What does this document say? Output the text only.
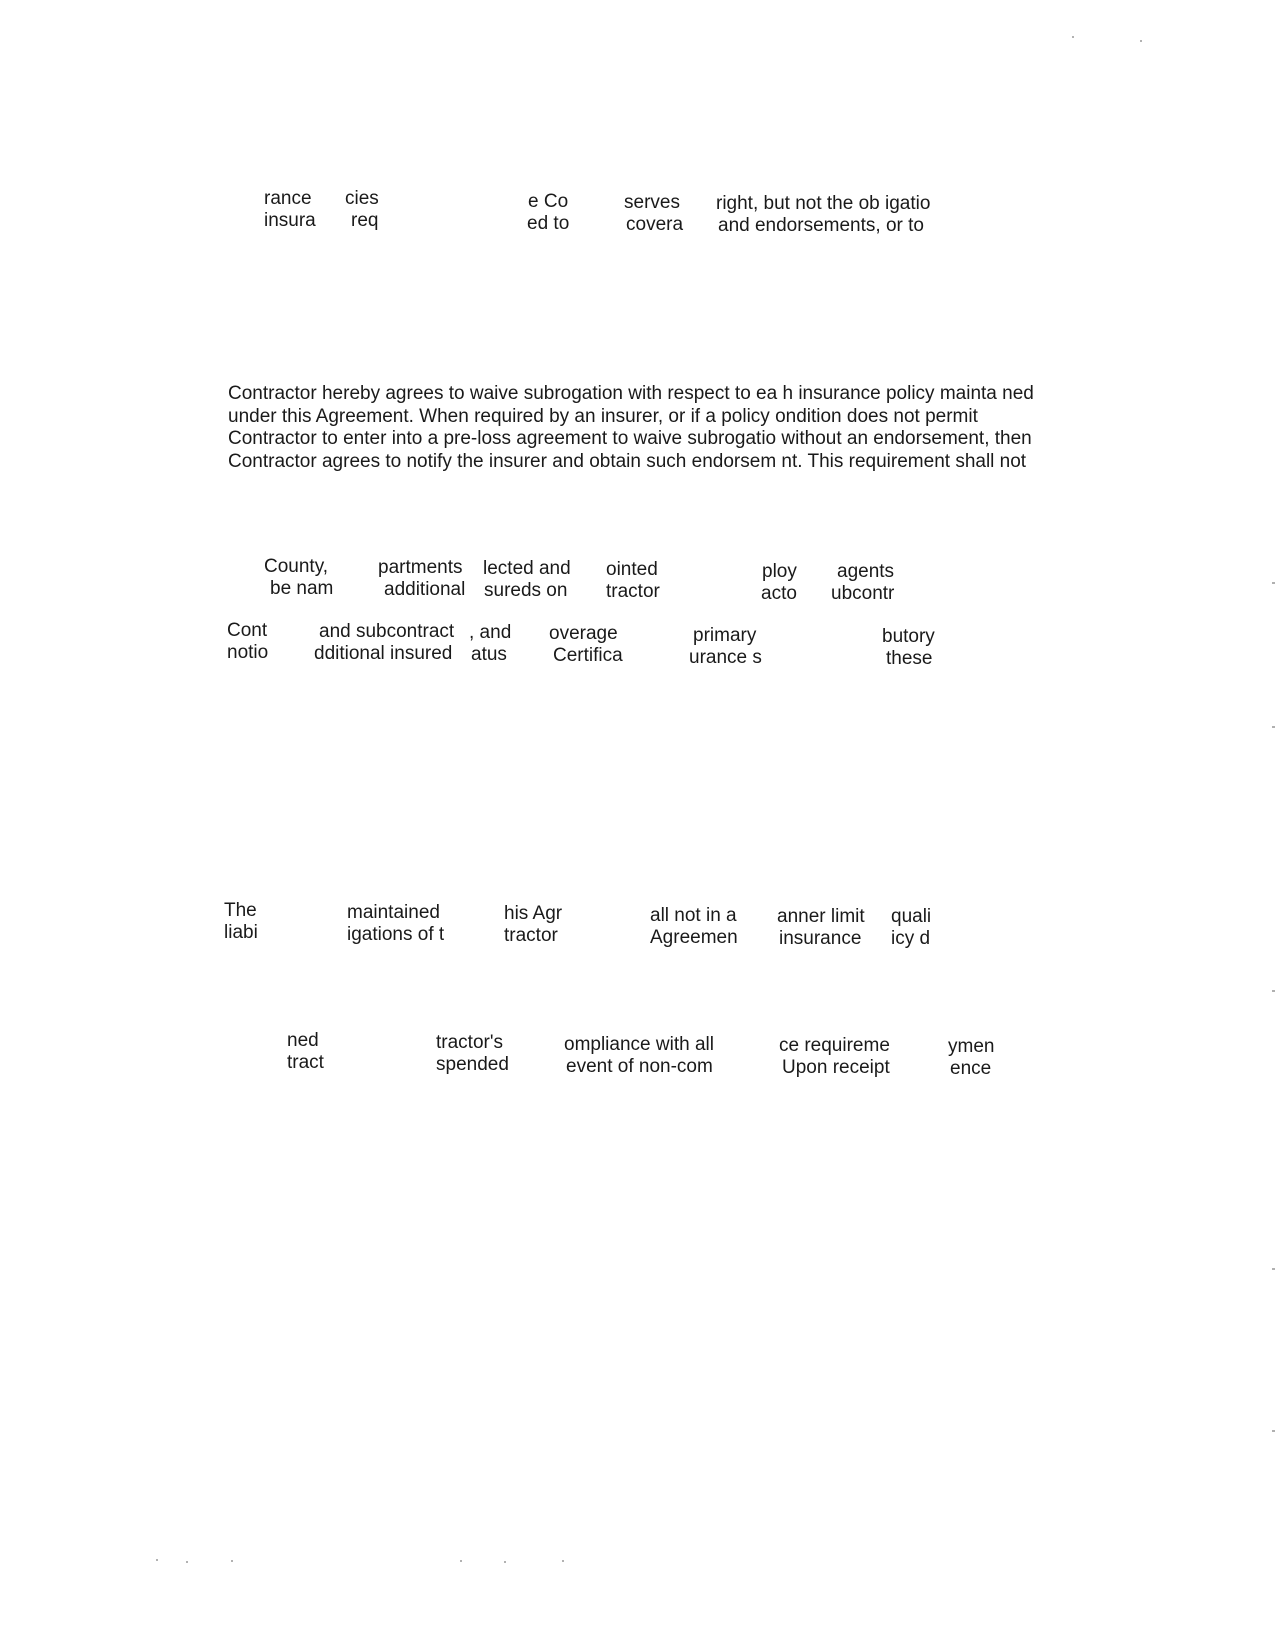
rance
insura
cies
req
e Co
ed to
serves
covera
right, but not the ob igatio
and endorsements, or to
Contractor hereby agrees to waive subrogation with respect to ea h insurance policy mainta ned
under this Agreement. When required by an insurer, or if a policy ondition does not permit
Contractor to enter into a pre-loss agreement to waive subrogatio without an endorsement, then
Contractor agrees to notify the insurer and obtain such endorsem nt. This requirement shall not
County,
be nam
partments
additional
lected and
sureds on
ointed
tractor
ploy
acto
agents
ubcontr
Cont
notio
and subcontract
dditional insured
, and
atus
overage
Certifica
primary
urance s
butory
these
The
liabi
maintained
igations of t
his Agr
tractor
all not in a
Agreemen
anner limit
insurance
quali
icy d
ned
tract
tractor's
spended
ompliance with all
event of non-com
ce requireme
Upon receipt
ymen
ence
